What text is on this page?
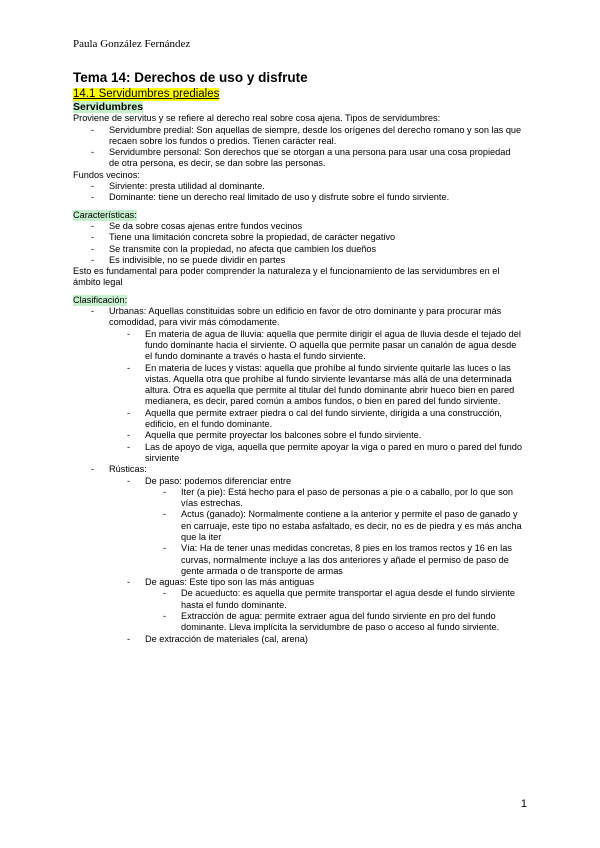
Paula González Fernández
Tema 14: Derechos de uso y disfrute
14.1 Servidumbres prediales
Servidumbres

Proviene de servitus y se refiere al derecho real sobre cosa ajena. Tipos de servidumbres:

- Servidumbre predial: Son aquellas de siempre, desde los orígenes del derecho romano y son las que recaen sobre los fundos o predios. Tienen carácter real.
- Servidumbre personal: Son derechos que se otorgan a una persona para usar una cosa propiedad de otra persona, es decir, se dan sobre las personas.

Fundos vecinos:

- Sirviente: presta utilidad al dominante.
- Dominante: tiene un derecho real limitado de uso y disfrute sobre el fundo sirviente.
Características:
- Se da sobre cosas ajenas entre fundos vecinos
- Tiene una limitación concreta sobre la propiedad, de carácter negativo
- Se transmite con la propiedad, no afecta que cambien los dueños
- Es indivisible, no se puede dividir en partes

Esto es fundamental para poder comprender la naturaleza y el funcionamiento de las servidumbres en el ámbito legal

Clasificación:
- Urbanas: Aquellas constituidas sobre un edificio en favor de otro dominante y para procurar más comodidad, para vivir más cómodamente.
- En materia de agua de lluvia: aquella que permite dirigir el agua de lluvia desde el tejado del fundo dominante hacia el sirviente. O aquella que permite pasar un canalón de agua desde el fundo dominante a través o hasta el fundo sirviente.
- En materia de luces y vistas: aquella que prohíbe al fundo sirviente quitarle las luces o las vistas. Aquella otra que prohíbe al fundo sirviente levantarse más allá de una determinada altura. Otra es aquella que permite al titular del fundo dominante abrir hueco bien en pared medianera, es decir, pared común a ambos fundos, o bien en pared del fundo sirviente.
- Aquella que permite extraer piedra o cal del fundo sirviente, dirigida a una construcción, edificio, en el fundo dominante.
- Aquella que permite proyectar los balcones sobre el fundo sirviente.
- Las de apoyo de viga, aquella que permite apoyar la viga o pared en muro o pared del fundo sirviente
- Rústicas:
- De paso: podemos diferenciar entre
- Iter (a pie): Está hecho para el paso de personas a pie o a caballo, por lo que son vías estrechas.
- Actus (ganado): Normalmente contiene a la anterior y permite el paso de ganado y en carruaje, este tipo no estaba asfaltado, es decir, no es de piedra y es más ancha que la iter
- Vía: Ha de tener unas medidas concretas, 8 pies en los tramos rectos y 16 en las curvas, normalmente incluye a las dos anteriores y añade el permiso de paso de gente armada o de transporte de armas
- De aguas: Este tipo son las más antiguas
- De acueducto: es aquella que permite transportar el agua desde el fundo sirviente hasta el fundo dominante.
- Extracción de agua: permite extraer agua del fundo sirviente en pro del fundo dominante. Lleva implícita la servidumbre de paso o acceso al fundo sirviente.
- De extracción de materiales (cal, arena)
1
